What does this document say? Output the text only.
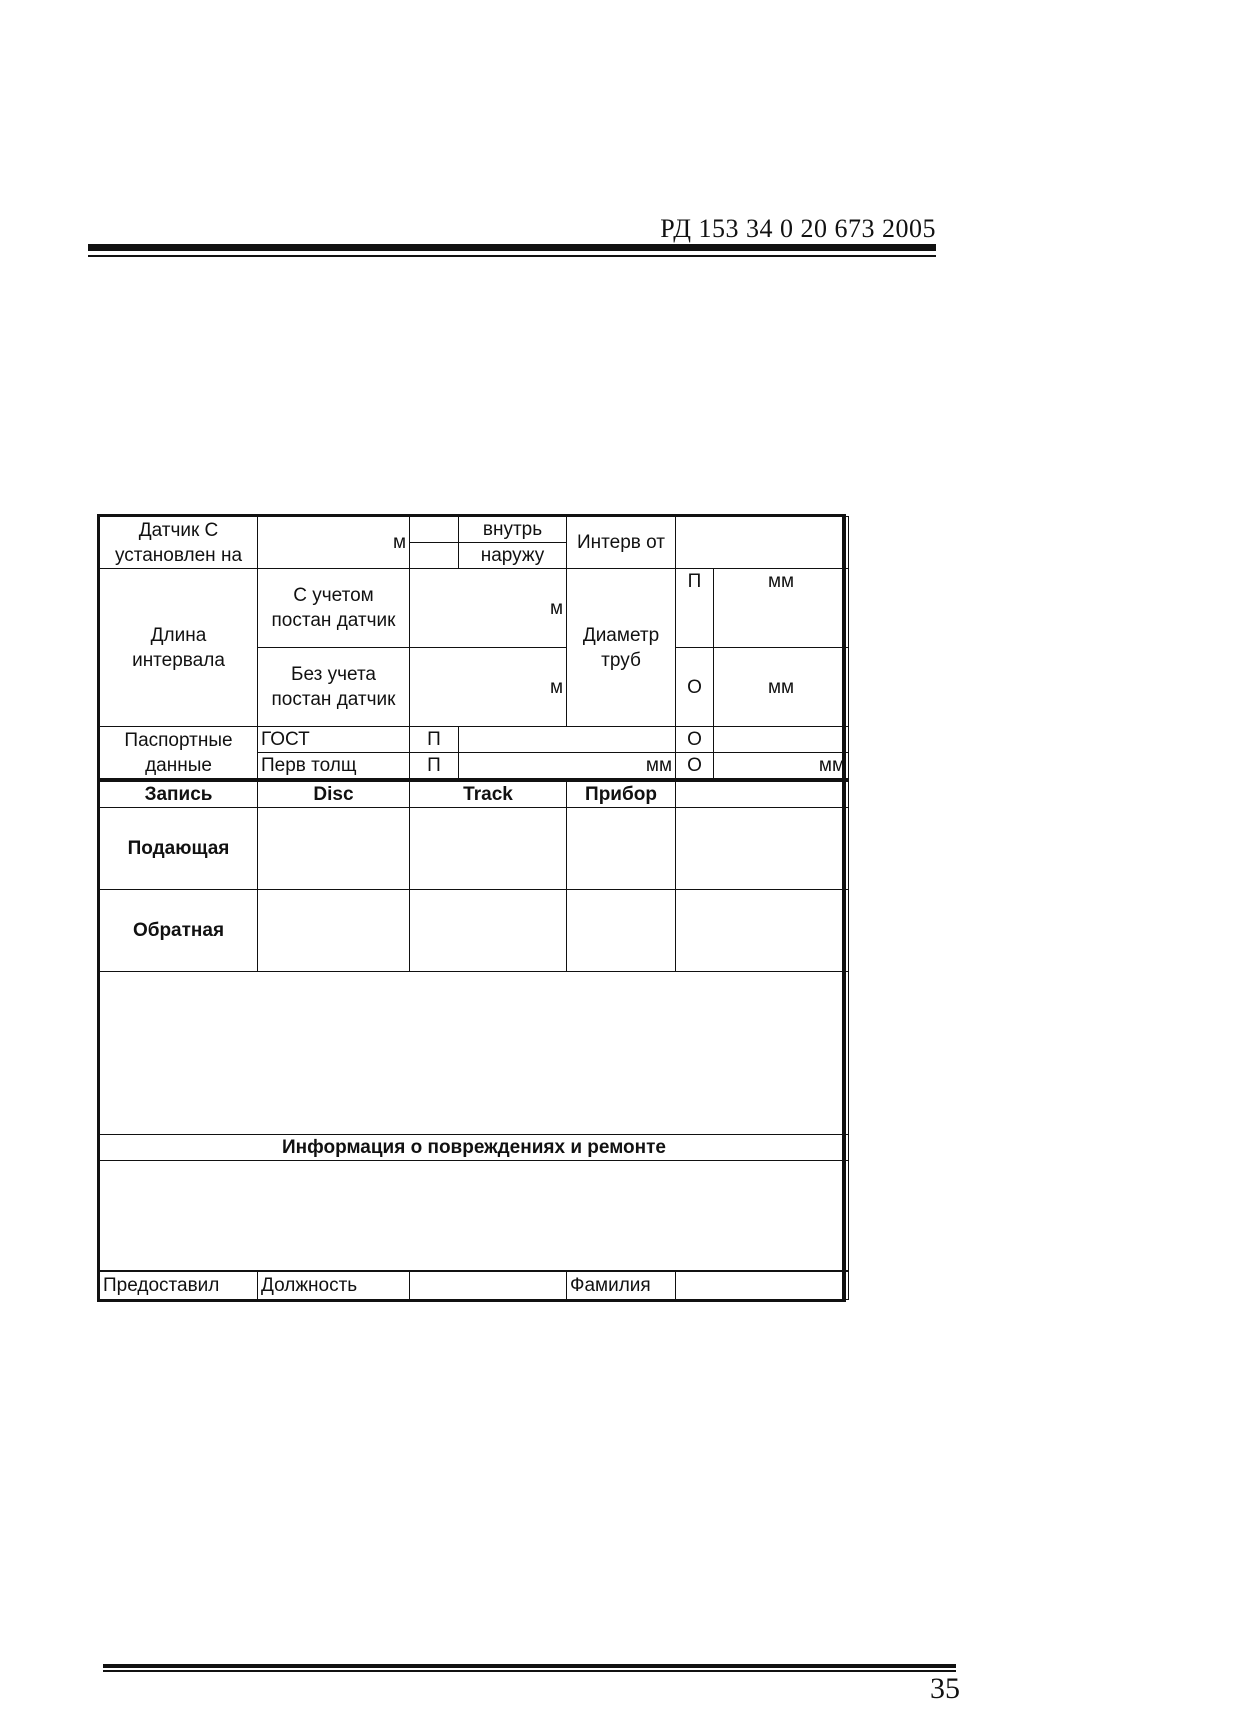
РД 153 34 0 20 673 2005
Датчик С установлен на	м		внутрь	Интерв от		
			наружу			
Длина интервала	С учетом постан датчик	м		Диаметр труб	П	мм
	Без учета постан датчик	м			О	мм
Паспортные данные	ГОСТ	П			О	
	Перв толщ	П	мм		О	мм
Запись	Disc	Track	Прибор	
Подающая				
Обратная				

Информация о повреждениях и ремонте				

Предоставил	Должность		Фамилия	
35
